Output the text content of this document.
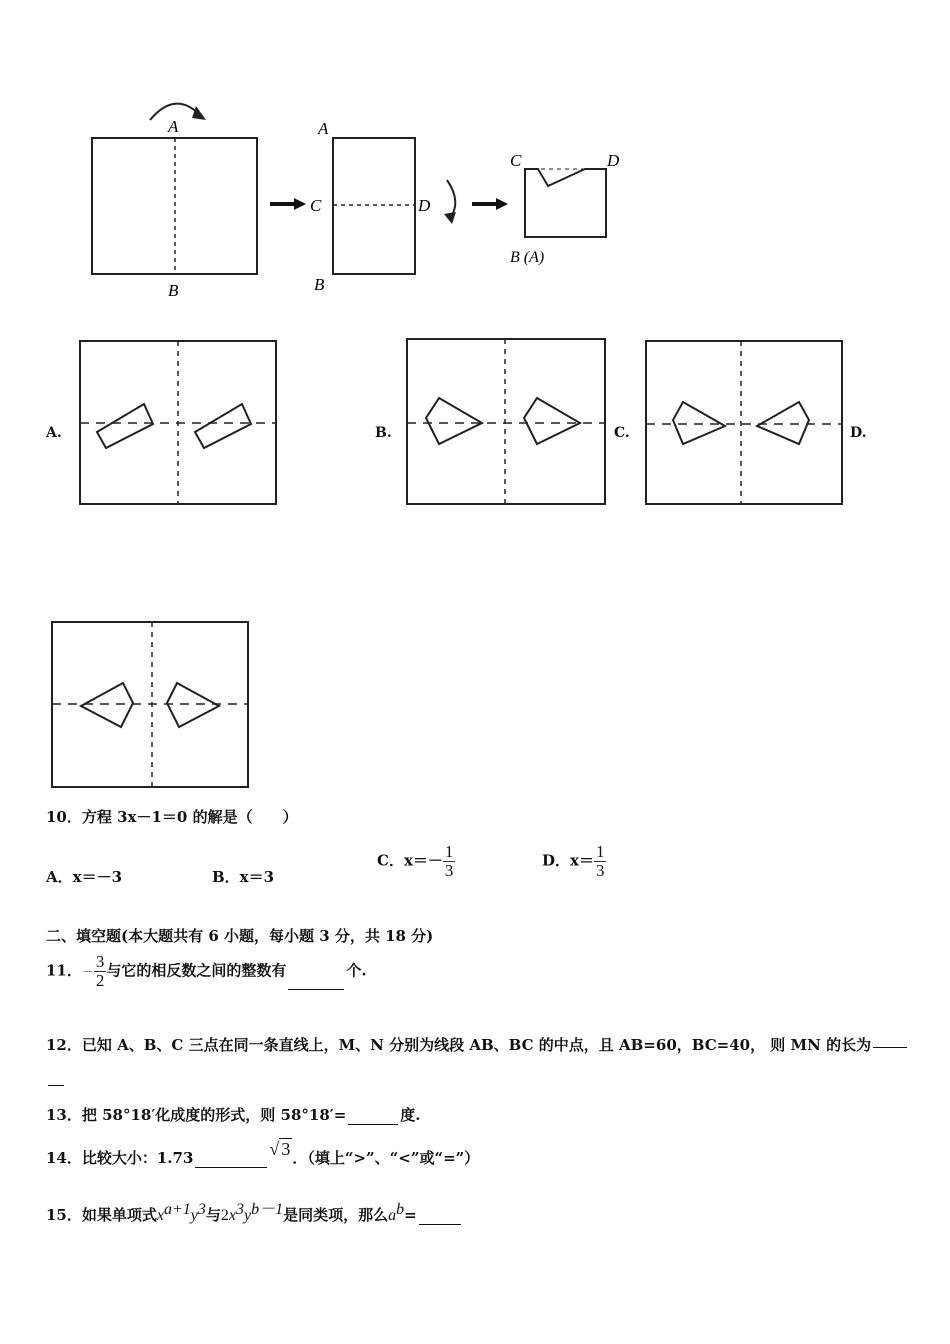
A
B
A
B
C	D
C	D
B (A)
A.	B.	C.	D.
10．方程 3x－1＝0 的解是（　　）
A．x＝－3	B．x＝3
C．$x=- \frac{1}{3}$	D．$x= \frac{1}{3}$
二、填空题(本大题共有 6 小题，每小题 3 分，共 18 分)
11．－ $\frac{3}{2}$ 与它的相反数之间的整数有	个.
12．已知 A、B、C 三点在同一条直线上，M、N 分别为线段 AB、BC 的中点，且 AB=60，BC=40， 则 MN 的长为
13．把 58°18′化成度的形式，则 58°18′=	度.
14．比较大小：1.73	√ 3 ．（填上“>”、“<”或“=”）
15．如果单项式$x^{a+1}y^3$与$2x^3y^{b-1}$是同类项，那么$a^b=$
